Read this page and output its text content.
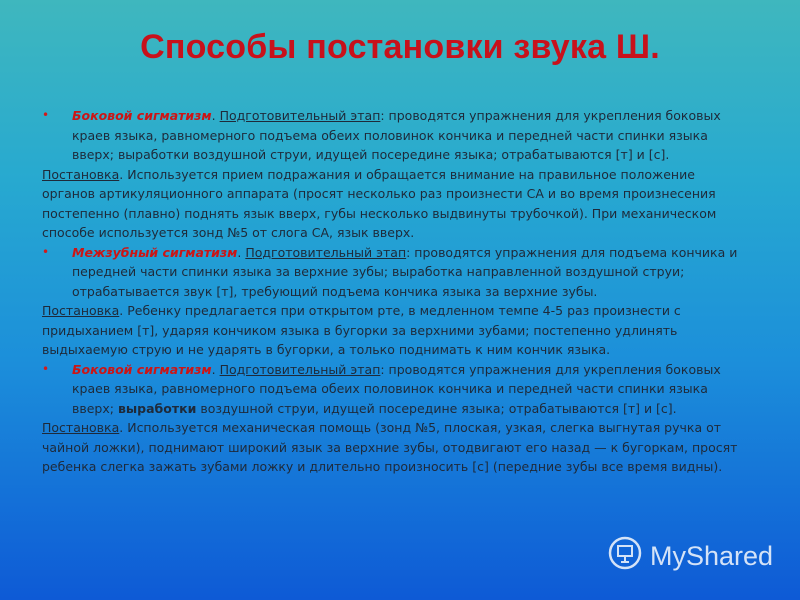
Способы постановки звука Ш.
• Боковой сигматизм. Подготовительный этап: проводятся упражнения для укрепления боковых краев языка, равномерного подъема обеих половинок кончика и передней части спинки языка вверх; выработки воздушной струи, идущей посередине языка; отрабатываются [т] и [с].
Постановка. Используется прием подражания и обращается внимание на правильное положение органов артикуляционного аппарата (просят несколько раз произнести СА и во время произнесения постепенно (плавно) поднять язык вверх, губы несколько выдвинуты трубочкой). При механическом способе используется зонд №5 от слога СА, язык вверх.
• Межзубный сигматизм. Подготовительный этап: проводятся упражнения для подъема кончика и передней части спинки языка за верхние зубы; выработка направленной воздушной струи; отрабатывается звук [т], требующий подъема кончика языка за верхние зубы.
Постановка. Ребенку предлагается при открытом рте, в медленном темпе 4-5 раз произнести с придыханием [т], ударяя кончиком языка в бугорки за верхними зубами; постепенно удлинять выдыхаемую струю и не ударять в бугорки, а только поднимать к ним кончик языка.
• Боковой сигматизм. Подготовительный этап: проводятся упражнения для укрепления боковых краев языка, равномерного подъема обеих половинок кончика и передней части спинки языка вверх; выработки воздушной струи, идущей посередине языка; отрабатываются [т] и [с].
Постановка. Используется механическая помощь (зонд №5, плоская, узкая, слегка выгнутая ручка от чайной ложки), поднимают широкий язык за верхние зубы, отодвигают его назад — к бугоркам, просят ребенка слегка зажать зубами ложку и длительно произносить [с] (передние зубы все время видны).
MyShared
